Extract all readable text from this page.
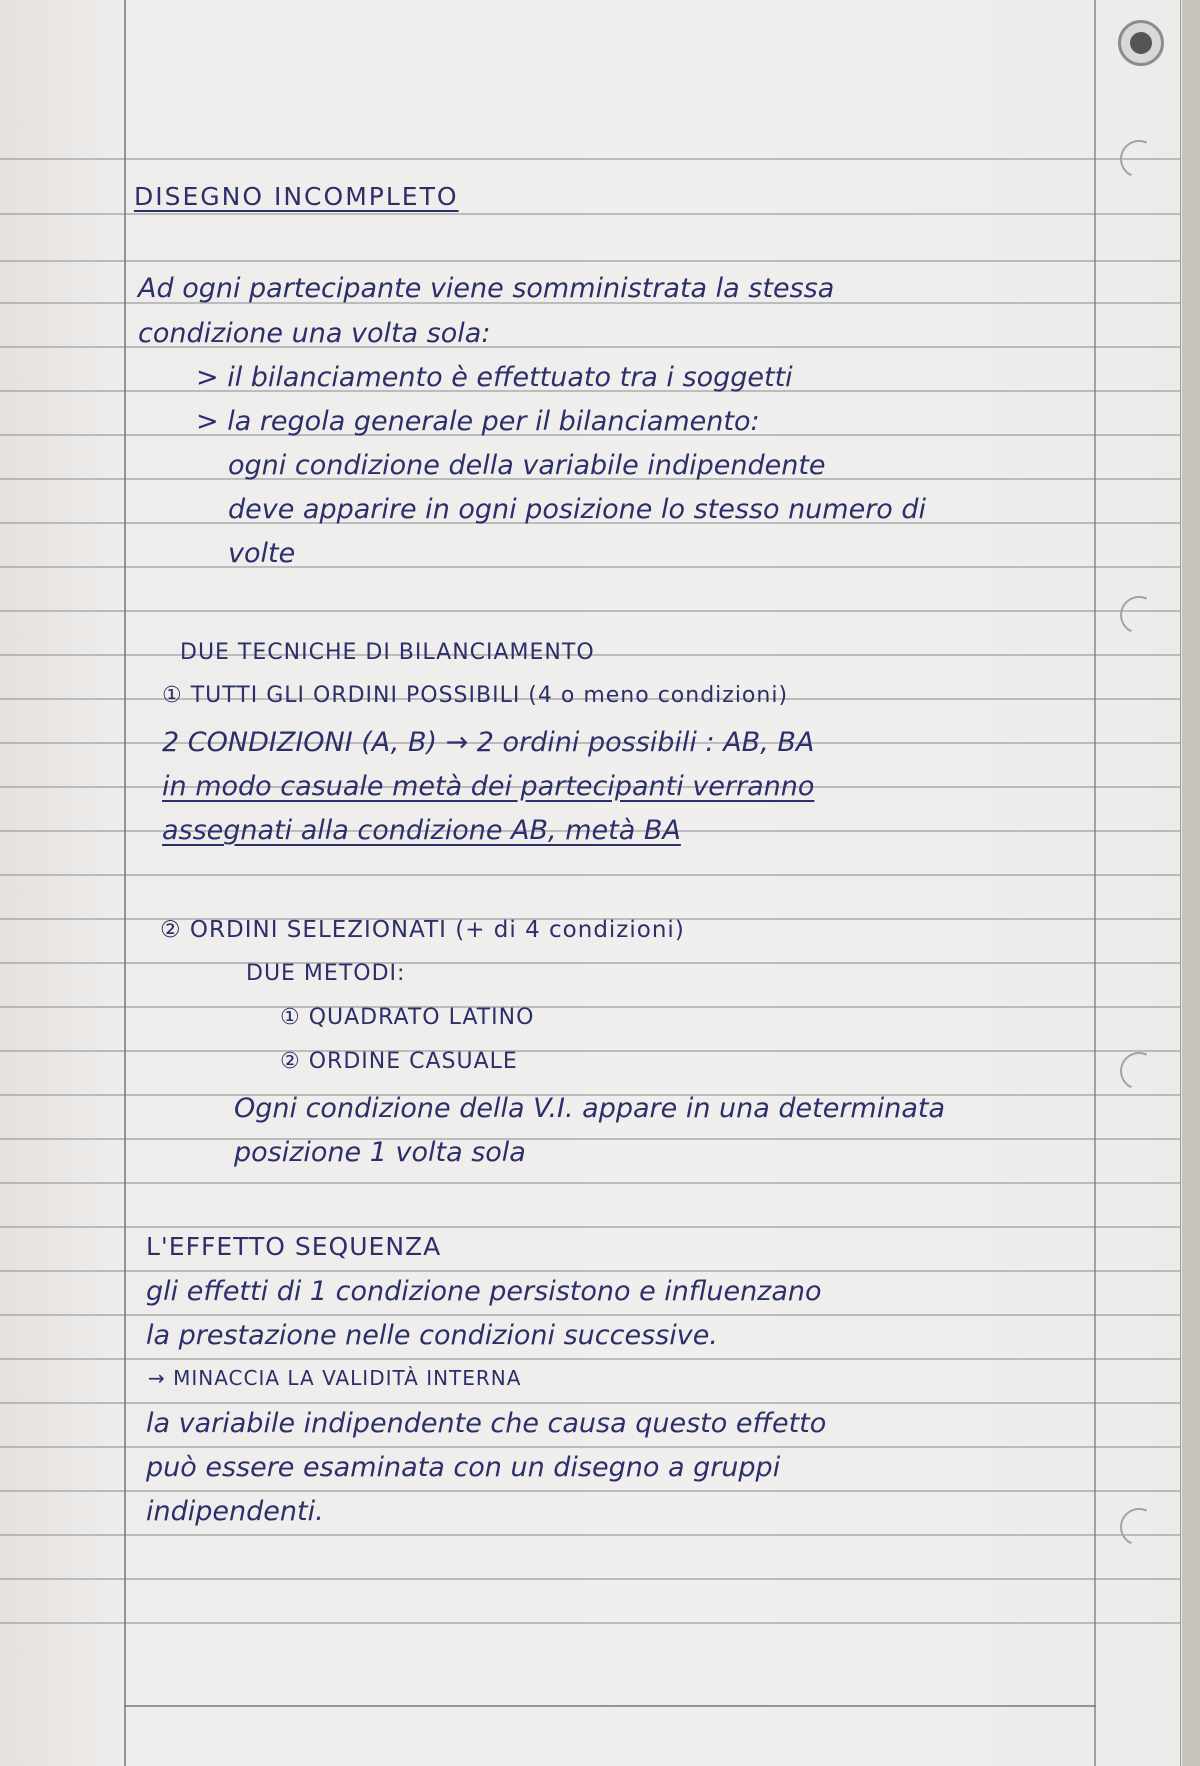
DISEGNO INCOMPLETO
Ad ogni partecipante viene somministrata la stessa
condizione una volta sola:
> il bilanciamento è effettuato tra i soggetti
> la regola generale per il bilanciamento:
ogni condizione della variabile indipendente
deve apparire in ogni posizione lo stesso numero di
volte
DUE TECNICHE DI BILANCIAMENTO
① TUTTI GLI ORDINI POSSIBILI (4 o meno condizioni)
2 CONDIZIONI (A, B) → 2 ordini possibili : AB, BA
in modo casuale metà dei partecipanti verranno
assegnati alla condizione AB, metà BA
② ORDINI SELEZIONATI (+ di 4 condizioni)
DUE METODI:
① QUADRATO LATINO
② ORDINE CASUALE
Ogni condizione della V.I. appare in una determinata
posizione 1 volta sola
L'EFFETTO SEQUENZA
gli effetti di 1 condizione persistono e influenzano
la prestazione nelle condizioni successive.
→ MINACCIA LA VALIDITÀ INTERNA
la variabile indipendente che causa questo effetto
può essere esaminata con un disegno a gruppi
indipendenti.
